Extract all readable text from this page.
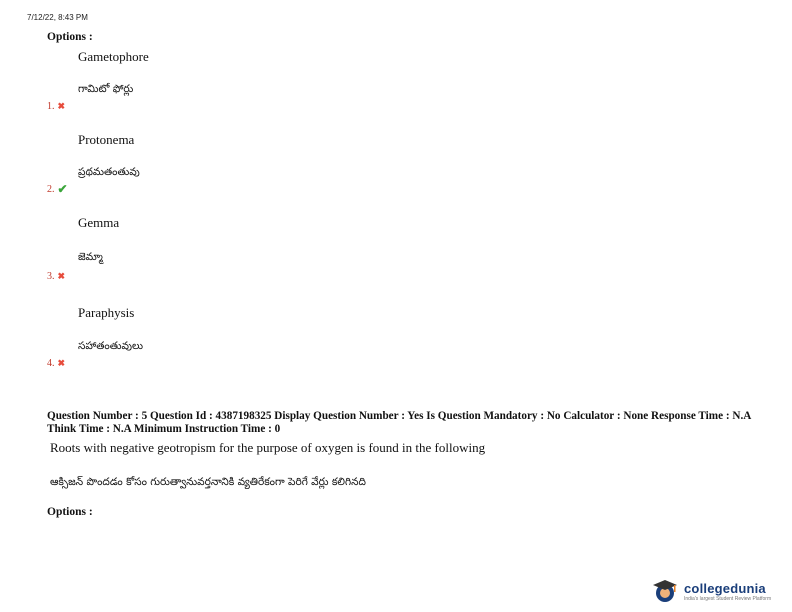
7/12/22, 8:43 PM
Options :
Gametophore
గామిటో ఫోర్లు
1. ✖
Protonema
ప్రథమతంతువు
2. ✔
Gemma
జెమ్మా
3. ✖
Paraphysis
సహాతంతువులు
4. ✖
Question Number : 5 Question Id : 4387198325 Display Question Number : Yes Is Question Mandatory : No Calculator : None Response Time : N.A Think Time : N.A Minimum Instruction Time : 0
Roots with negative geotropism for the purpose of oxygen is found in the following
ఆక్సిజన్ పొందడం కోసం గురుత్వానువర్తనానికి వ్యతిరేకంగా పెరిగే వేర్లు కలిగినది
Options :
collegedunia
India's largest Student Review Platform
